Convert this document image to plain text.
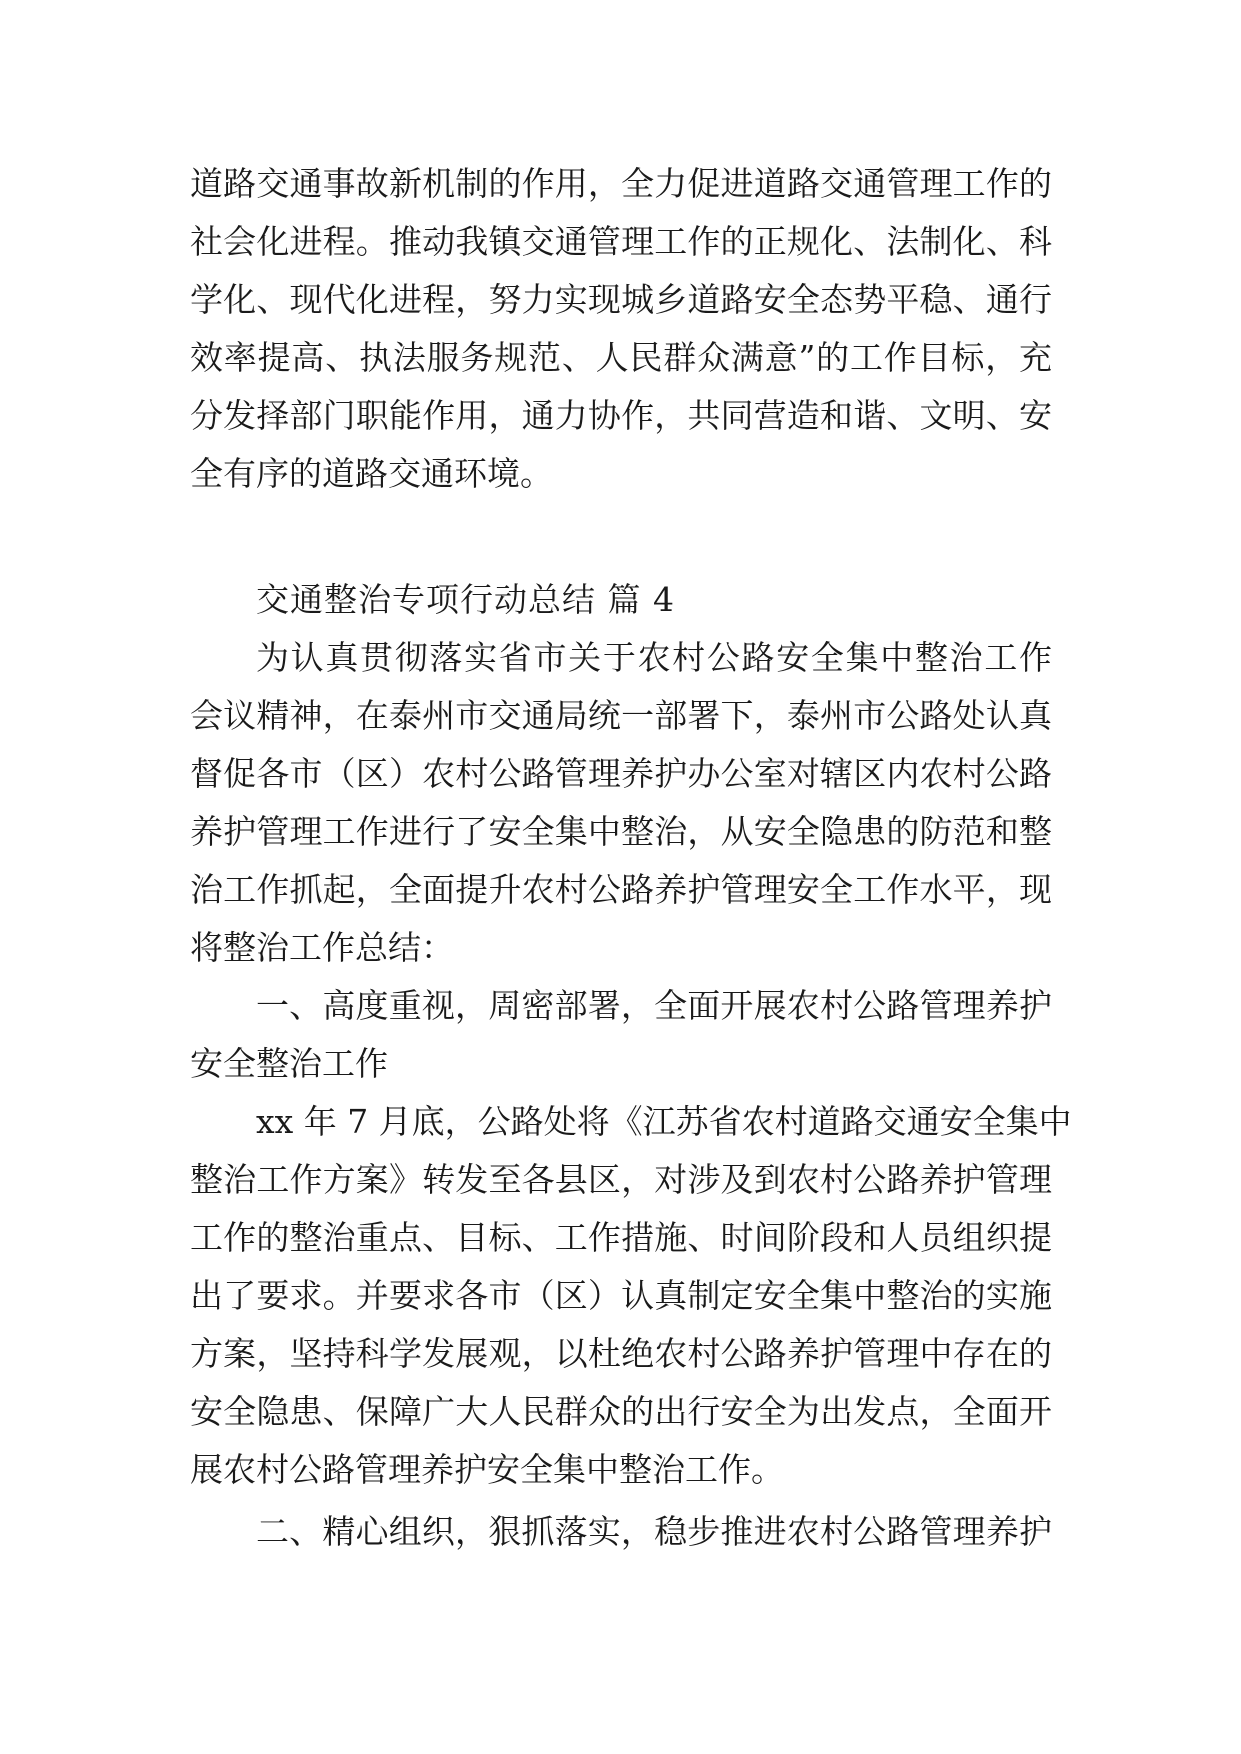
道路交通事故新机制的作用，全力促进道路交通管理工作的

社会化进程。推动我镇交通管理工作的正规化、法制化、科

学化、现代化进程，努力实现城乡道路安全态势平稳、通行

效率提高、执法服务规范、人民群众满意”的工作目标，充

分发择部门职能作用，通力协作，共同营造和谐、文明、安

全有序的道路交通环境。

交通整治专项行动总结 篇 4

为认真贯彻落实省市关于农村公路安全集中整治工作

会议精神，在泰州市交通局统一部署下，泰州市公路处认真

督促各市（区）农村公路管理养护办公室对辖区内农村公路

养护管理工作进行了安全集中整治，从安全隐患的防范和整

治工作抓起，全面提升农村公路养护管理安全工作水平，现

将整治工作总结：

一、高度重视，周密部署，全面开展农村公路管理养护

安全整治工作

xx 年 7 月底，公路处将《江苏省农村道路交通安全集中

整治工作方案》转发至各县区，对涉及到农村公路养护管理

工作的整治重点、目标、工作措施、时间阶段和人员组织提

出了要求。并要求各市（区）认真制定安全集中整治的实施

方案，坚持科学发展观，以杜绝农村公路养护管理中存在的

安全隐患、保障广大人民群众的出行安全为出发点，全面开

展农村公路管理养护安全集中整治工作。

二、精心组织，狠抓落实，稳步推进农村公路管理养护
